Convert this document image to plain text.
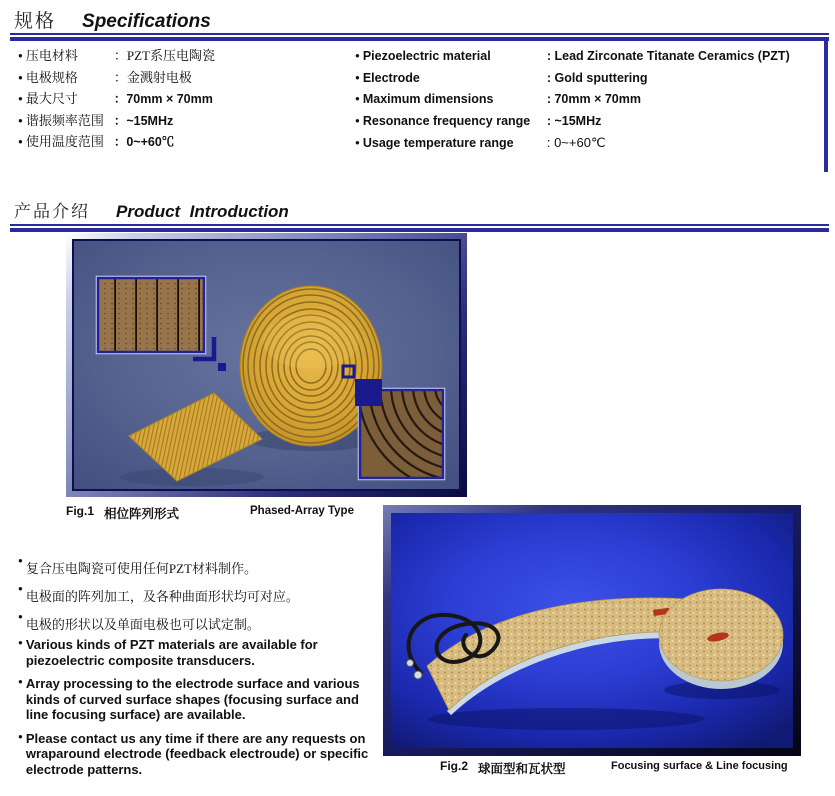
规格 Specifications
● 压电材料	：PZT系压电陶瓷
● 电极规格	：金溅射电极
● 最大尺寸	：70mm × 70mm
● 谐振频率范围 ：~15MHz
● 使用温度范围 ：0~+60℃
● Piezoelectric material	: Lead Zirconate Titanate Ceramics (PZT)
● Electrode	: Gold sputtering
● Maximum dimensions	: 70mm × 70mm
● Resonance frequency range	: ~15MHz
● Usage temperature range	: 0~+60℃
产品介绍 Product  Introduction
Fig.1 相位阵列形式	Phased-Array Type
●
复合压电陶瓷可使用任何PZT材料制作。
●
电极面的阵列加工，及各种曲面形状均可对应。
●
电极的形状以及单面电极也可以试定制。
● Various kinds of PZT materials are available for piezoelectric composite transducers.
● Array processing to the electrode surface and various kinds of curved surface shapes (focusing surface and line focusing surface) are available.
● Please contact us any time if there are any requests on wraparound electrode (feedback electroude) or specific electrode patterns.	Fig.2 球面型和瓦状型	Focusing surface & Line focusing
